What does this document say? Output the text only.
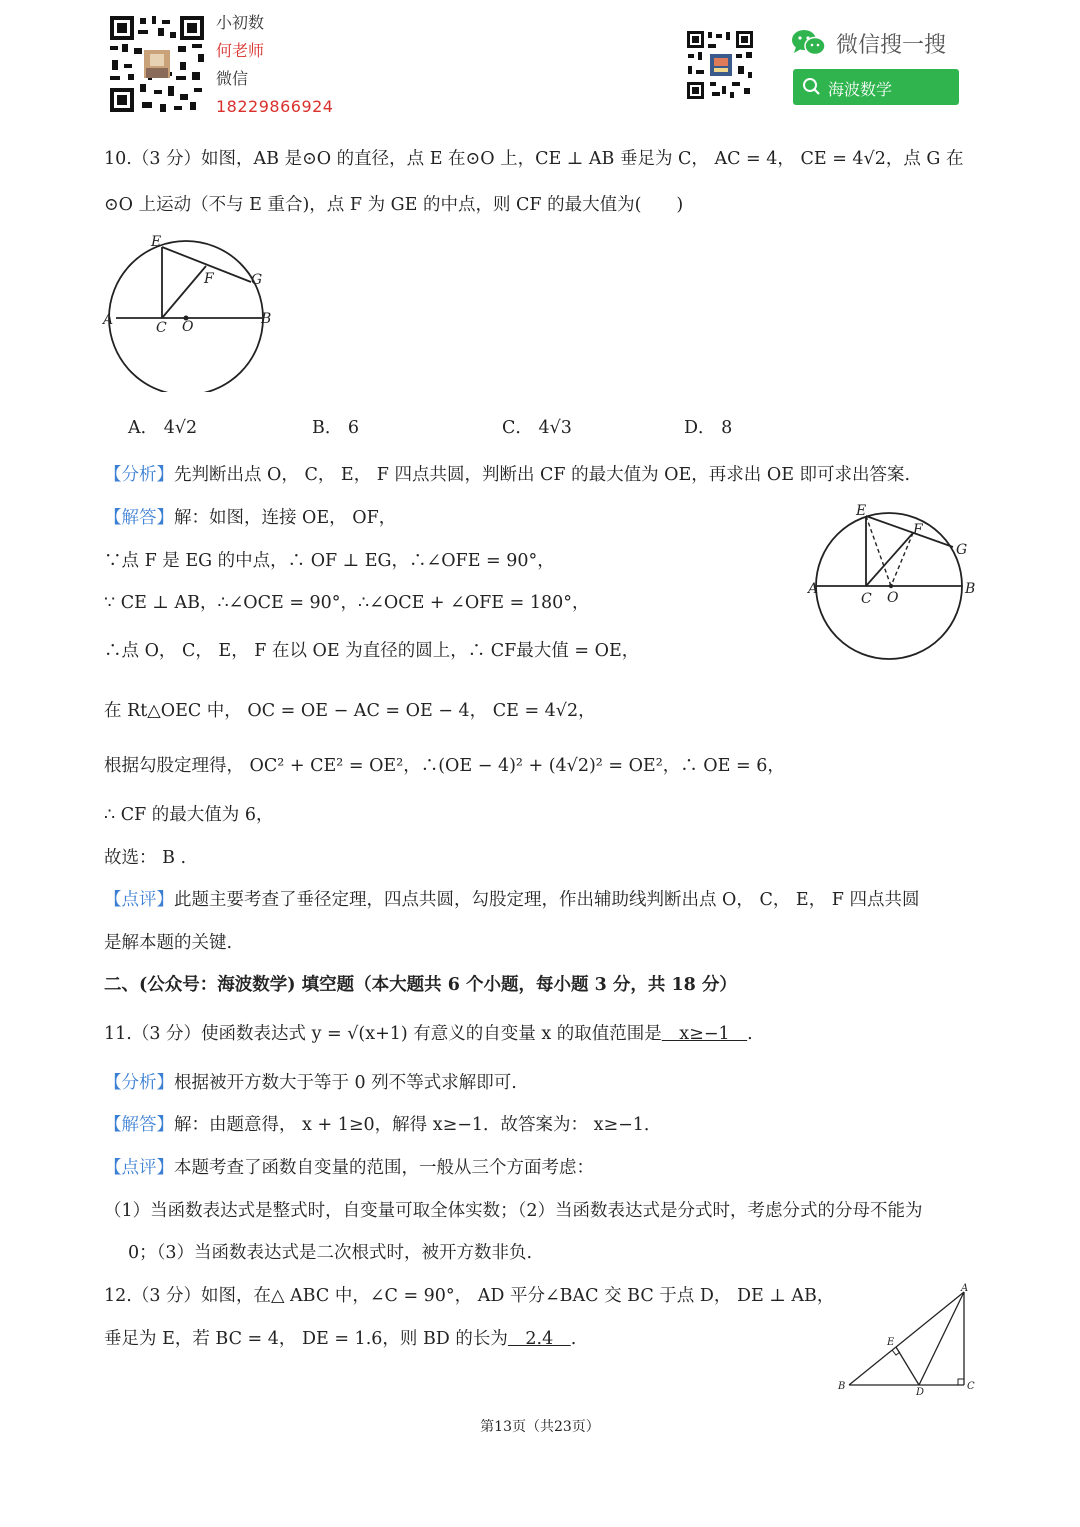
小初数
何老师
微信
18229866924
微信搜一搜
海波数学
10.（3 分）如图，AB 是⊙O 的直径，点 E 在⊙O 上，CE ⊥ AB 垂足为 C， AC = 4， CE = 4√2，点 G 在
⊙O 上运动（不与 E 重合)，点 F 为 GE 的中点，则 CF 的最大值为(　　)
E
F	G
A	C O	B
A． 4√2	B． 6	C． 4√3	D． 8
【分析】先判断出点 O， C， E， F 四点共圆，判断出 CF 的最大值为 OE，再求出 OE 即可求出答案.
【解答】解：如图，连接 OE， OF，
∵点 F 是 EG 的中点，∴ OF ⊥ EG，∴∠OFE = 90°，
∵ CE ⊥ AB，∴∠OCE = 90°，∴∠OCE + ∠OFE = 180°，
∴点 O， C， E， F 在以 OE 为直径的圆上，∴ CF最大值 = OE，
在 Rt△OEC 中， OC = OE − AC = OE − 4， CE = 4√2，
根据勾股定理得， OC² + CE² = OE²，∴(OE − 4)² + (4√2)² = OE²，∴ OE = 6，
∴ CF 的最大值为 6，
故选： B .
E
F
G
A
C O
B
【点评】此题主要考查了垂径定理，四点共圆，勾股定理，作出辅助线判断出点 O， C， E， F 四点共圆
是解本题的关键.
二、(公众号：海波数学) 填空题（本大题共 6 个小题，每小题 3 分，共 18 分）
11.（3 分）使函数表达式 y = √(x+1) 有意义的自变量 x 的取值范围是　x≥−1　.
【分析】根据被开方数大于等于 0 列不等式求解即可.
【解答】解：由题意得， x + 1≥0，解得 x≥−1．故答案为： x≥−1．
【点评】本题考查了函数自变量的范围，一般从三个方面考虑：
（1）当函数表达式是整式时，自变量可取全体实数；（2）当函数表达式是分式时，考虑分式的分母不能为
0；（3）当函数表达式是二次根式时，被开方数非负.
12.（3 分）如图，在△ ABC 中，∠C = 90°， AD 平分∠BAC 交 BC 于点 D， DE ⊥ AB，
垂足为 E，若 BC = 4， DE = 1.6，则 BD 的长为　2.4　.
A
E
B
D
C
第13页（共23页）
